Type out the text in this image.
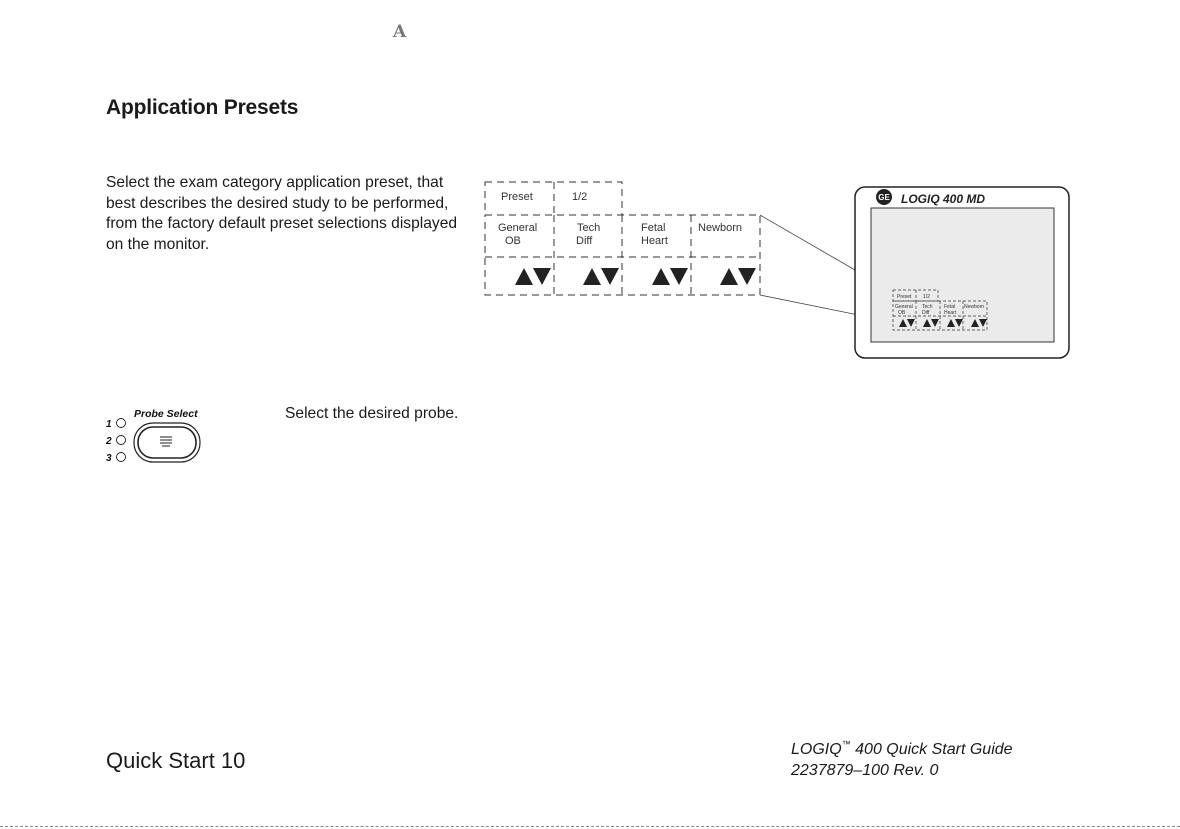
A
Application Presets
Select the exam category application preset, that best describes the desired study to be performed, from the factory default preset selections displayed on the monitor.
Preset	1/2
General
OB
Tech
Diff
Fetal
Heart
Newborn
GE LOGIQ 400 MD
Preset 1/2
General
OB
Tech
Diff
Fetal
Heart
Newborn
Probe Select
1
2
3
Select the desired probe.
Quick Start 10	LOGIQ™ 400 Quick Start Guide
2237879–100 Rev. 0
